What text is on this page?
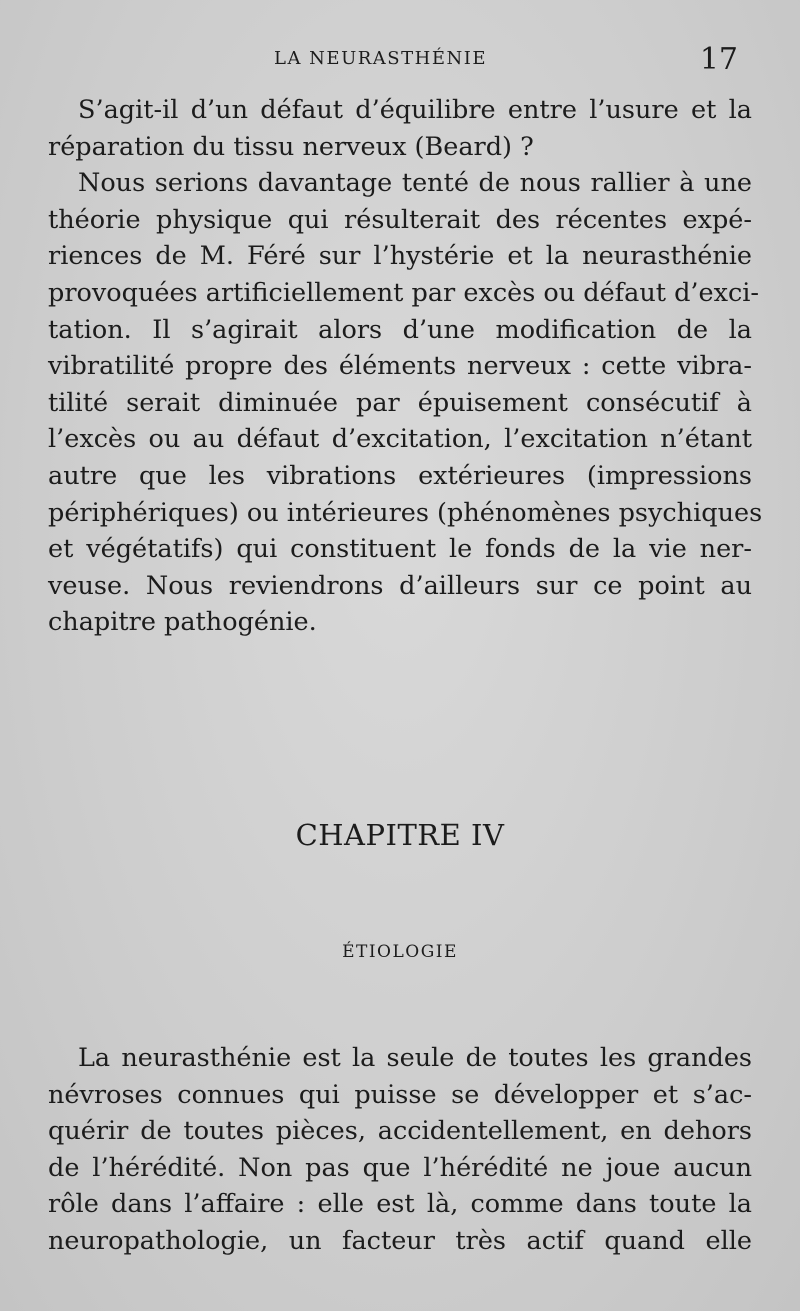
LA NEURASTHÉNIE	17
S’agit-il d’un défaut d’équilibre entre l’usure et la
réparation du tissu nerveux (Beard) ?
Nous serions davantage tenté de nous rallier à une
théorie physique qui résulterait des récentes expé-
riences de M. Féré sur l’hystérie et la neurasthénie
provoquées artificiellement par excès ou défaut d’exci-
tation. Il s’agirait alors d’une modification de la
vibratilité propre des éléments nerveux : cette vibra-
tilité serait diminuée par épuisement consécutif à
l’excès ou au défaut d’excitation, l’excitation n’étant
autre que les vibrations extérieures (impressions
périphériques) ou intérieures (phénomènes psychiques
et végétatifs) qui constituent le fonds de la vie ner-
veuse. Nous reviendrons d’ailleurs sur ce point au
chapitre pathogénie.
CHAPITRE IV
ÉTIOLOGIE
La neurasthénie est la seule de toutes les grandes
névroses connues qui puisse se développer et s’ac-
quérir de toutes pièces, accidentellement, en dehors
de l’hérédité. Non pas que l’hérédité ne joue aucun
rôle dans l’affaire : elle est là, comme dans toute la
neuropathologie, un facteur très actif quand elle
